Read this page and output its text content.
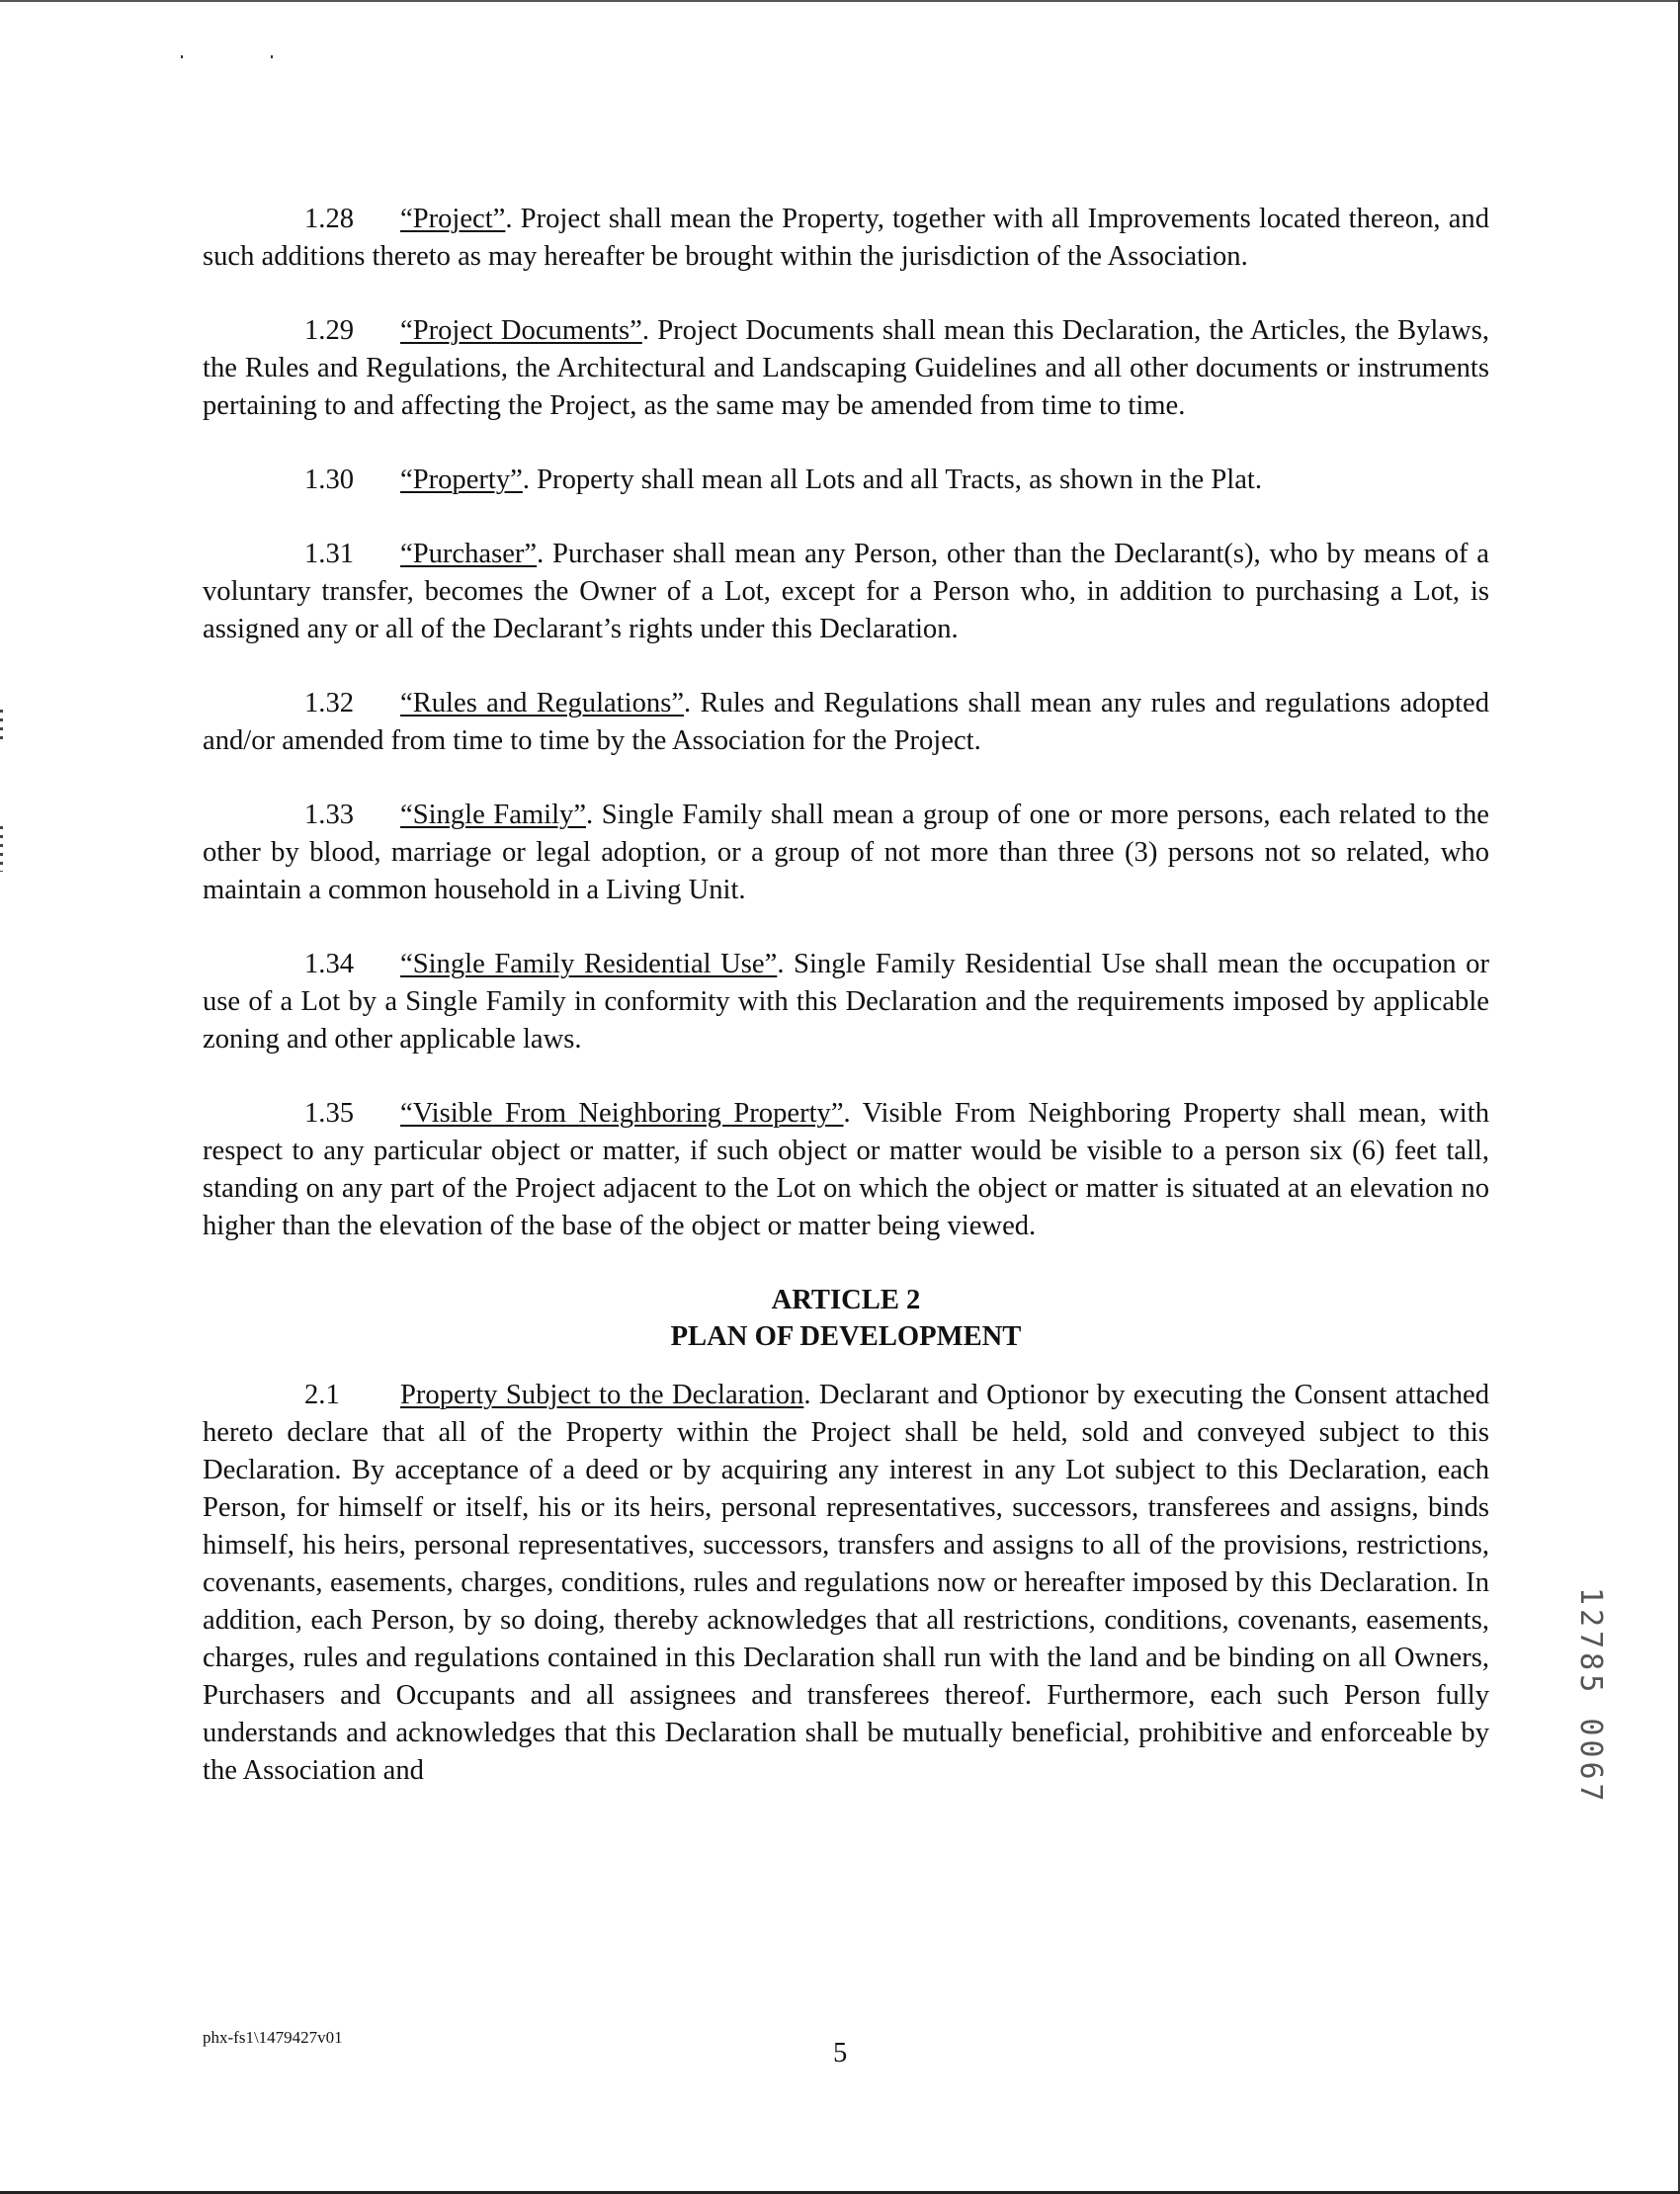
1.28 “Project”. Project shall mean the Property, together with all Improvements located thereon, and such additions thereto as may hereafter be brought within the jurisdiction of the Association.

1.29 “Project Documents”. Project Documents shall mean this Declaration, the Articles, the Bylaws, the Rules and Regulations, the Architectural and Landscaping Guidelines and all other documents or instruments pertaining to and affecting the Project, as the same may be amended from time to time.

1.30 “Property”. Property shall mean all Lots and all Tracts, as shown in the Plat.

1.31 “Purchaser”. Purchaser shall mean any Person, other than the Declarant(s), who by means of a voluntary transfer, becomes the Owner of a Lot, except for a Person who, in addition to purchasing a Lot, is assigned any or all of the Declarant’s rights under this Declaration.

1.32 “Rules and Regulations”. Rules and Regulations shall mean any rules and regulations adopted and/or amended from time to time by the Association for the Project.

1.33 “Single Family”. Single Family shall mean a group of one or more persons, each related to the other by blood, marriage or legal adoption, or a group of not more than three (3) persons not so related, who maintain a common household in a Living Unit.

1.34 “Single Family Residential Use”. Single Family Residential Use shall mean the occupation or use of a Lot by a Single Family in conformity with this Declaration and the requirements imposed by applicable zoning and other applicable laws.

1.35 “Visible From Neighboring Property”. Visible From Neighboring Property shall mean, with respect to any particular object or matter, if such object or matter would be visible to a person six (6) feet tall, standing on any part of the Project adjacent to the Lot on which the object or matter is situated at an elevation no higher than the elevation of the base of the object or matter being viewed.

ARTICLE 2
PLAN OF DEVELOPMENT

2.1 Property Subject to the Declaration. Declarant and Optionor by executing the Consent attached hereto declare that all of the Property within the Project shall be held, sold and conveyed subject to this Declaration. By acceptance of a deed or by acquiring any interest in any Lot subject to this Declaration, each Person, for himself or itself, his or its heirs, personal representatives, successors, transferees and assigns, binds himself, his heirs, personal representatives, successors, transfers and assigns to all of the provisions, restrictions, covenants, easements, charges, conditions, rules and regulations now or hereafter imposed by this Declaration. In addition, each Person, by so doing, thereby acknowledges that all restrictions, conditions, covenants, easements, charges, rules and regulations contained in this Declaration shall run with the land and be binding on all Owners, Purchasers and Occupants and all assignees and transferees thereof. Furthermore, each such Person fully understands and acknowledges that this Declaration shall be mutually beneficial, prohibitive and enforceable by the Association and

phx-fs1\1479427v01
5
12785 0067
